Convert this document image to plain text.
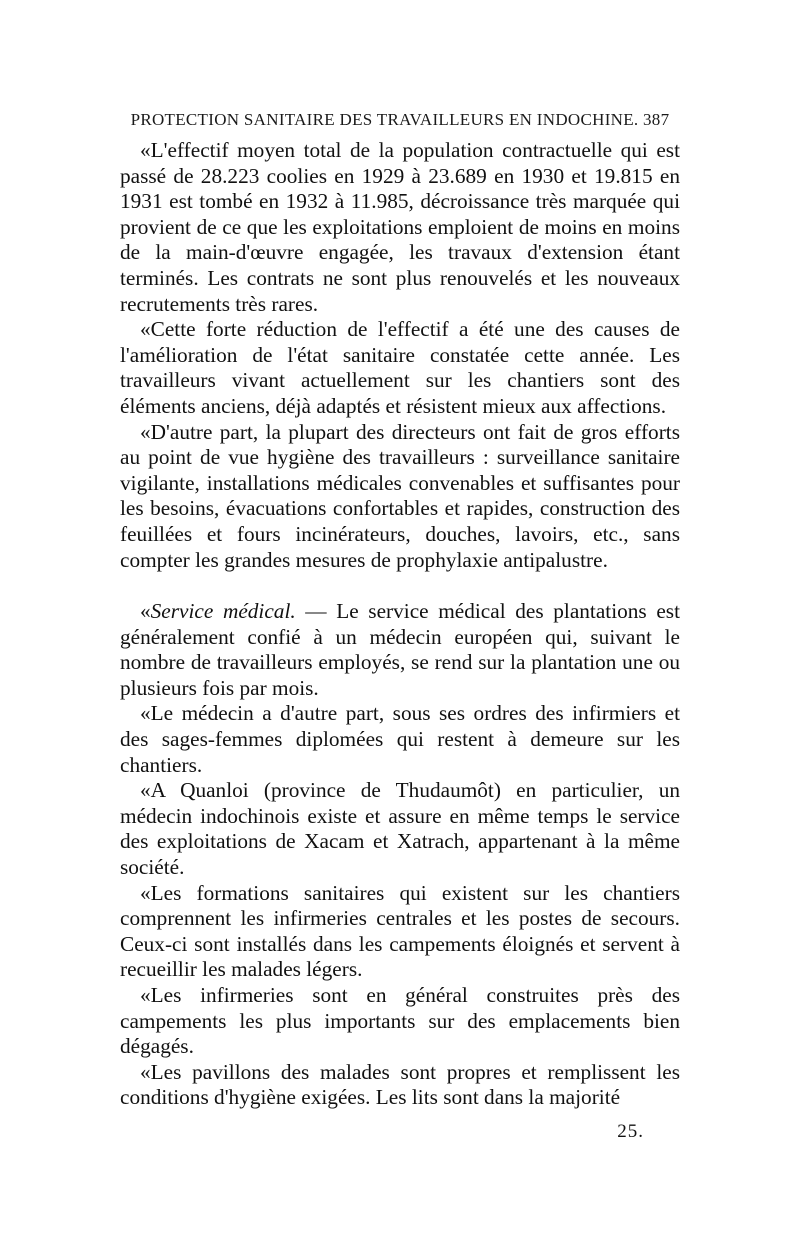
PROTECTION SANITAIRE DES TRAVAILLEURS EN INDOCHINE. 387

«L'effectif moyen total de la population contractuelle qui est passé de 28.223 coolies en 1929 à 23.689 en 1930 et 19.815 en 1931 est tombé en 1932 à 11.985, décroissance très marquée qui provient de ce que les exploitations emploient de moins en moins de la main-d'œuvre engagée, les travaux d'extension étant terminés. Les contrats ne sont plus renouvelés et les nouveaux recrutements très rares.

«Cette forte réduction de l'effectif a été une des causes de l'amélioration de l'état sanitaire constatée cette année. Les travailleurs vivant actuellement sur les chantiers sont des éléments anciens, déjà adaptés et résistent mieux aux affections.

«D'autre part, la plupart des directeurs ont fait de gros efforts au point de vue hygiène des travailleurs : surveillance sanitaire vigilante, installations médicales convenables et suffisantes pour les besoins, évacuations confortables et rapides, construction des feuillées et fours incinérateurs, douches, lavoirs, etc., sans compter les grandes mesures de prophylaxie antipalustre.

«Service médical. — Le service médical des plantations est généralement confié à un médecin européen qui, suivant le nombre de travailleurs employés, se rend sur la plantation une ou plusieurs fois par mois.

«Le médecin a d'autre part, sous ses ordres des infirmiers et des sages-femmes diplomées qui restent à demeure sur les chantiers.

«A Quanloi (province de Thudaumôt) en particulier, un médecin indochinois existe et assure en même temps le service des exploitations de Xacam et Xatrach, appartenant à la même société.

«Les formations sanitaires qui existent sur les chantiers comprennent les infirmeries centrales et les postes de secours. Ceux-ci sont installés dans les campements éloignés et servent à recueillir les malades légers.

«Les infirmeries sont en général construites près des campements les plus importants sur des emplacements bien dégagés.

«Les pavillons des malades sont propres et remplissent les conditions d'hygiène exigées. Les lits sont dans la majorité

25.
